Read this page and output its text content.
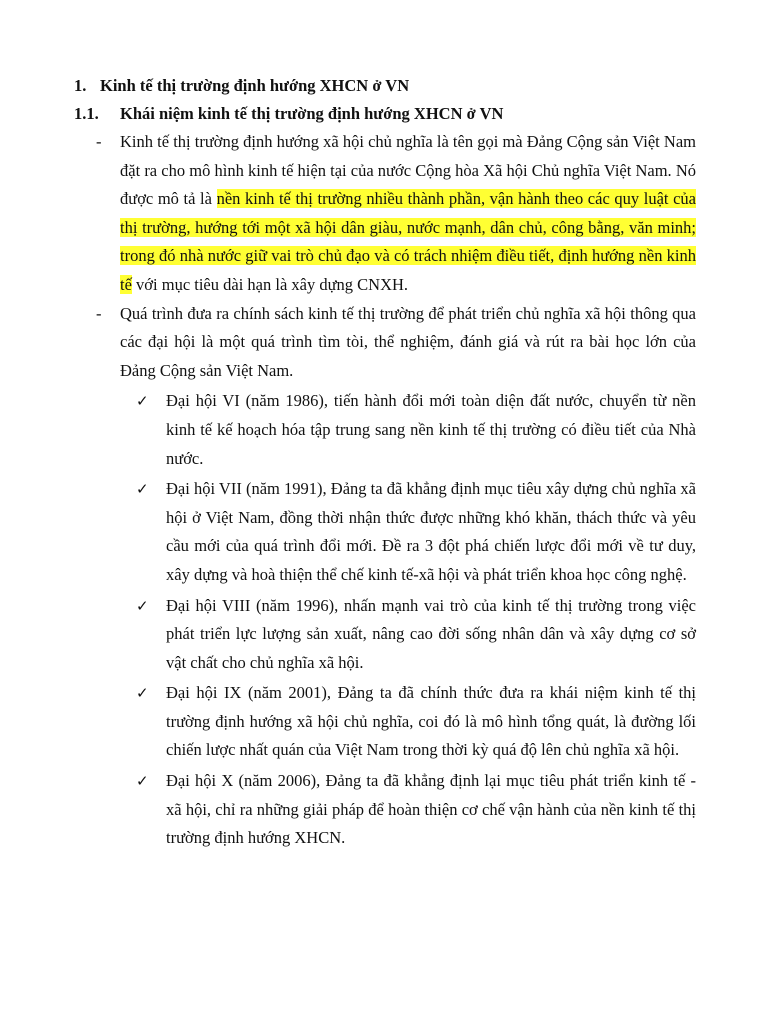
1. Kinh tế thị trường định hướng XHCN ở VN
1.1.	Khái niệm kinh tế thị trường định hướng XHCN ở VN
-	Kinh tế thị trường định hướng xã hội chủ nghĩa là tên gọi mà Đảng Cộng sản Việt Nam đặt ra cho mô hình kinh tế hiện tại của nước Cộng hòa Xã hội Chủ nghĩa Việt Nam. Nó được mô tả là nền kinh tế thị trường nhiều thành phần, vận hành theo các quy luật của thị trường, hướng tới một xã hội dân giàu, nước mạnh, dân chủ, công bằng, văn minh; trong đó nhà nước giữ vai trò chủ đạo và có trách nhiệm điều tiết, định hướng nền kinh tế với mục tiêu dài hạn là xây dựng CNXH.
-	Quá trình đưa ra chính sách kinh tế thị trường để phát triển chủ nghĩa xã hội thông qua các đại hội là một quá trình tìm tòi, thể nghiệm, đánh giá và rút ra bài học lớn của Đảng Cộng sản Việt Nam.
✓	Đại hội VI (năm 1986), tiến hành đổi mới toàn diện đất nước, chuyển từ nền kinh tế kế hoạch hóa tập trung sang nền kinh tế thị trường có điều tiết của Nhà nước.
✓	Đại hội VII (năm 1991), Đảng ta đã khẳng định mục tiêu xây dựng chủ nghĩa xã hội ở Việt Nam, đồng thời nhận thức được những khó khăn, thách thức và yêu cầu mới của quá trình đổi mới. Đề ra 3 đột phá chiến lược đổi mới về tư duy, xây dựng và hoà thiện thể chế kinh tế-xã hội và phát triển khoa học công nghệ.
✓	Đại hội VIII (năm 1996), nhấn mạnh vai trò của kinh tế thị trường trong việc phát triển lực lượng sản xuất, nâng cao đời sống nhân dân và xây dựng cơ sở vật chất cho chủ nghĩa xã hội.
✓	Đại hội IX (năm 2001), Đảng ta đã chính thức đưa ra khái niệm kinh tế thị trường định hướng xã hội chủ nghĩa, coi đó là mô hình tổng quát, là đường lối chiến lược nhất quán của Việt Nam trong thời kỳ quá độ lên chủ nghĩa xã hội.
✓	Đại hội X (năm 2006), Đảng ta đã khẳng định lại mục tiêu phát triển kinh tế - xã hội, chỉ ra những giải pháp để hoàn thiện cơ chế vận hành của nền kinh tế thị trường định hướng XHCN.
